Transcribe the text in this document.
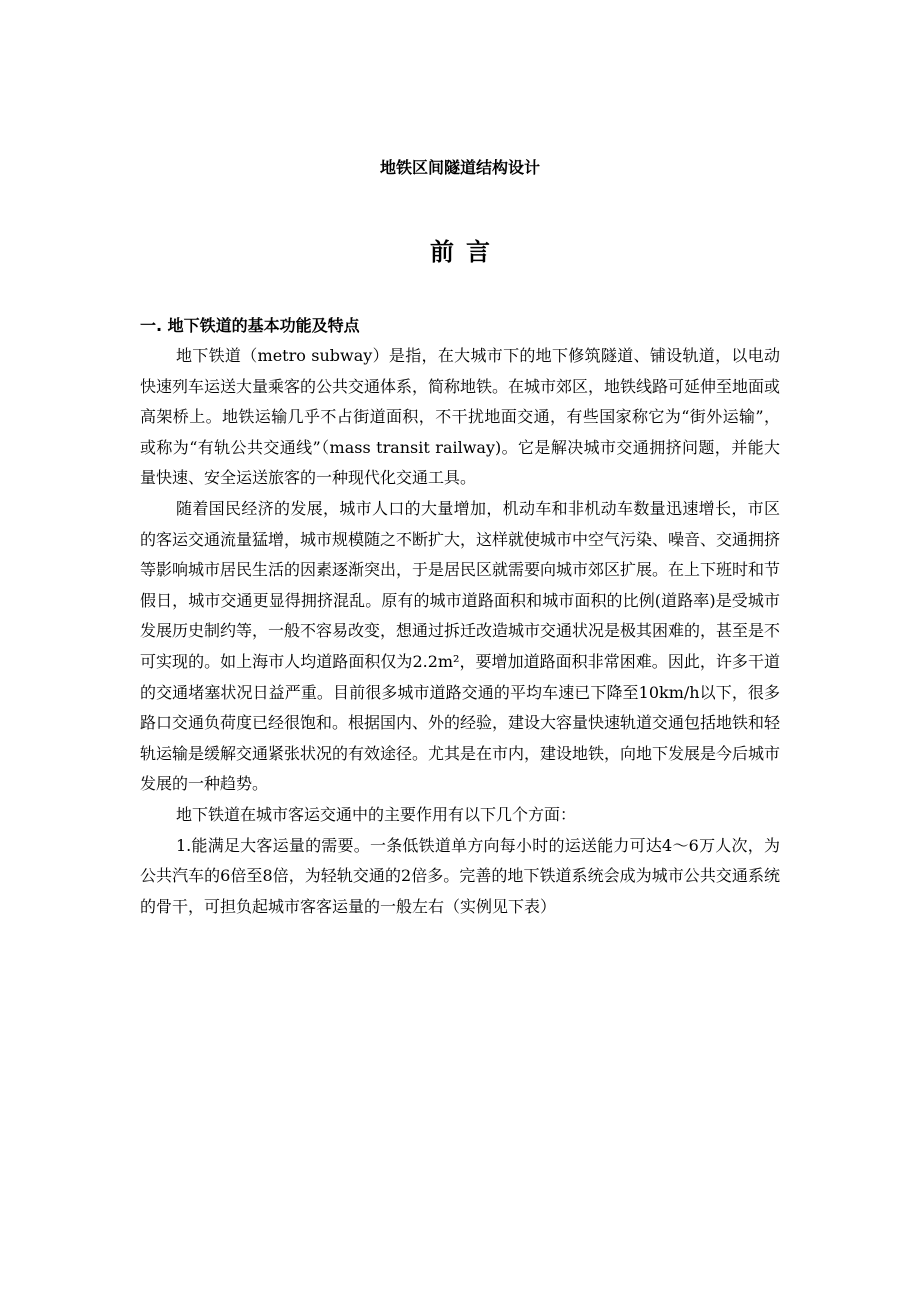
地铁区间隧道结构设计
前言

一. 地下铁道的基本功能及特点

地下铁道（metro subway）是指，在大城市下的地下修筑隧道、铺设轨道，以电动快速列车运送大量乘客的公共交通体系，简称地铁。在城市郊区，地铁线路可延伸至地面或高架桥上。地铁运输几乎不占街道面积，不干扰地面交通，有些国家称它为“街外运输”，或称为“有轨公共交通线”（mass transit railway)。它是解决城市交通拥挤问题，并能大量快速、安全运送旅客的一种现代化交通工具。

随着国民经济的发展，城市人口的大量增加，机动车和非机动车数量迅速增长，市区的客运交通流量猛增，城市规模随之不断扩大，这样就使城市中空气污染、噪音、交通拥挤等影响城市居民生活的因素逐渐突出，于是居民区就需要向城市郊区扩展。在上下班时和节假日，城市交通更显得拥挤混乱。原有的城市道路面积和城市面积的比例(道路率)是受城市发展历史制约等，一般不容易改变，想通过拆迁改造城市交通状况是极其困难的，甚至是不可实现的。如上海市人均道路面积仅为2.2m²，要增加道路面积非常困难。因此，许多干道的交通堵塞状况日益严重。目前很多城市道路交通的平均车速已下降至10km/h以下，很多路口交通负荷度已经很饱和。根据国内、外的经验，建设大容量快速轨道交通包括地铁和轻轨运输是缓解交通紧张状况的有效途径。尤其是在市内，建设地铁，向地下发展是今后城市发展的一种趋势。

地下铁道在城市客运交通中的主要作用有以下几个方面：

1.能满足大客运量的需要。一条低铁道单方向每小时的运送能力可达4～6万人次，为公共汽车的6倍至8倍，为轻轨交通的2倍多。完善的地下铁道系统会成为城市公共交通系统的骨干，可担负起城市客客运量的一般左右（实例见下表）
